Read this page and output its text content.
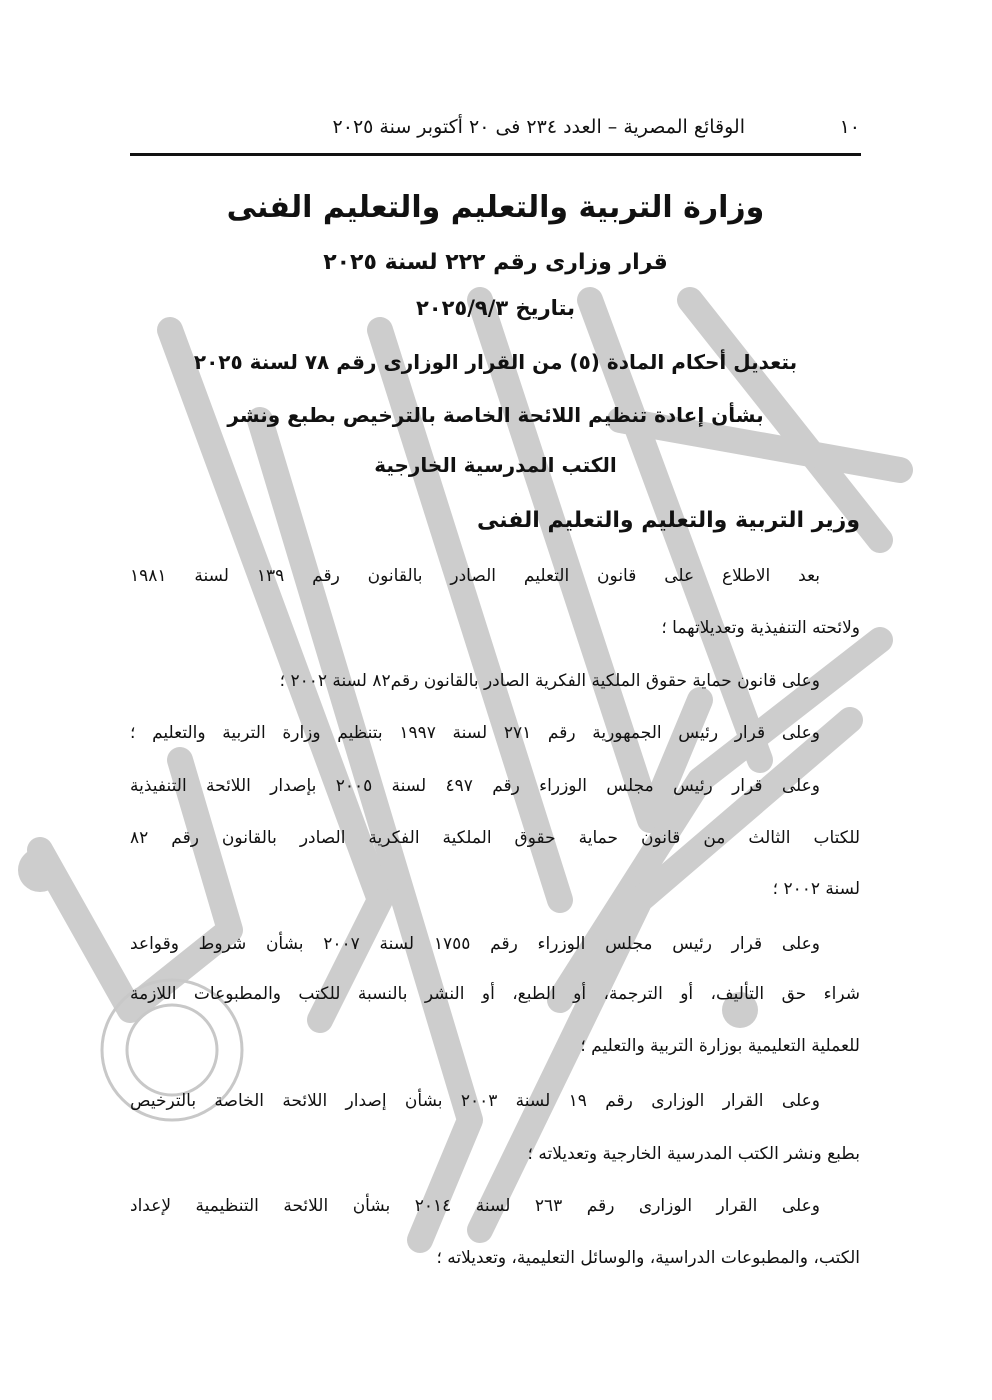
١٠
الوقائع المصرية – العدد ٢٣٤ فى ٢٠ أكتوبر سنة ٢٠٢٥
وزارة التربية والتعليم والتعليم الفنى
قرار وزارى رقم ٢٢٢ لسنة ٢٠٢٥
بتاريخ ٢٠٢٥/٩/٣
بتعديل أحكام المادة (٥) من القرار الوزارى رقم ٧٨ لسنة ٢٠٢٥
بشأن إعادة تنظيم اللائحة الخاصة بالترخيص بطبع ونشر
الكتب المدرسية الخارجية
وزير التربية والتعليم والتعليم الفنى
بعد الاطلاع على قانون التعليم الصادر بالقانون رقم ١٣٩ لسنة ١٩٨١
ولائحته التنفيذية وتعديلاتهما ؛
وعلى قانون حماية حقوق الملكية الفكرية الصادر بالقانون رقم٨٢ لسنة ٢٠٠٢ ؛
وعلى قرار رئيس الجمهورية رقم ٢٧١ لسنة ١٩٩٧ بتنظيم وزارة التربية والتعليم ؛
وعلى قرار رئيس مجلس الوزراء رقم ٤٩٧ لسنة ٢٠٠٥ بإصدار اللائحة التنفيذية
للكتاب الثالث من قانون حماية حقوق الملكية الفكرية الصادر بالقانون رقم ٨٢
لسنة ٢٠٠٢ ؛
وعلى قرار رئيس مجلس الوزراء رقم ١٧٥٥ لسنة ٢٠٠٧ بشأن شروط وقواعد
شراء حق التأليف، أو الترجمة، أو الطبع، أو النشر بالنسبة للكتب والمطبوعات اللازمة
للعملية التعليمية بوزارة التربية والتعليم ؛
وعلى القرار الوزارى رقم ١٩ لسنة ٢٠٠٣ بشأن إصدار اللائحة الخاصة بالترخيص
بطبع ونشر الكتب المدرسية الخارجية وتعديلاته ؛
وعلى القرار الوزارى رقم ٢٦٣ لسنة ٢٠١٤ بشأن اللائحة التنظيمية لإعداد
الكتب، والمطبوعات الدراسية، والوسائل التعليمية، وتعديلاته ؛
